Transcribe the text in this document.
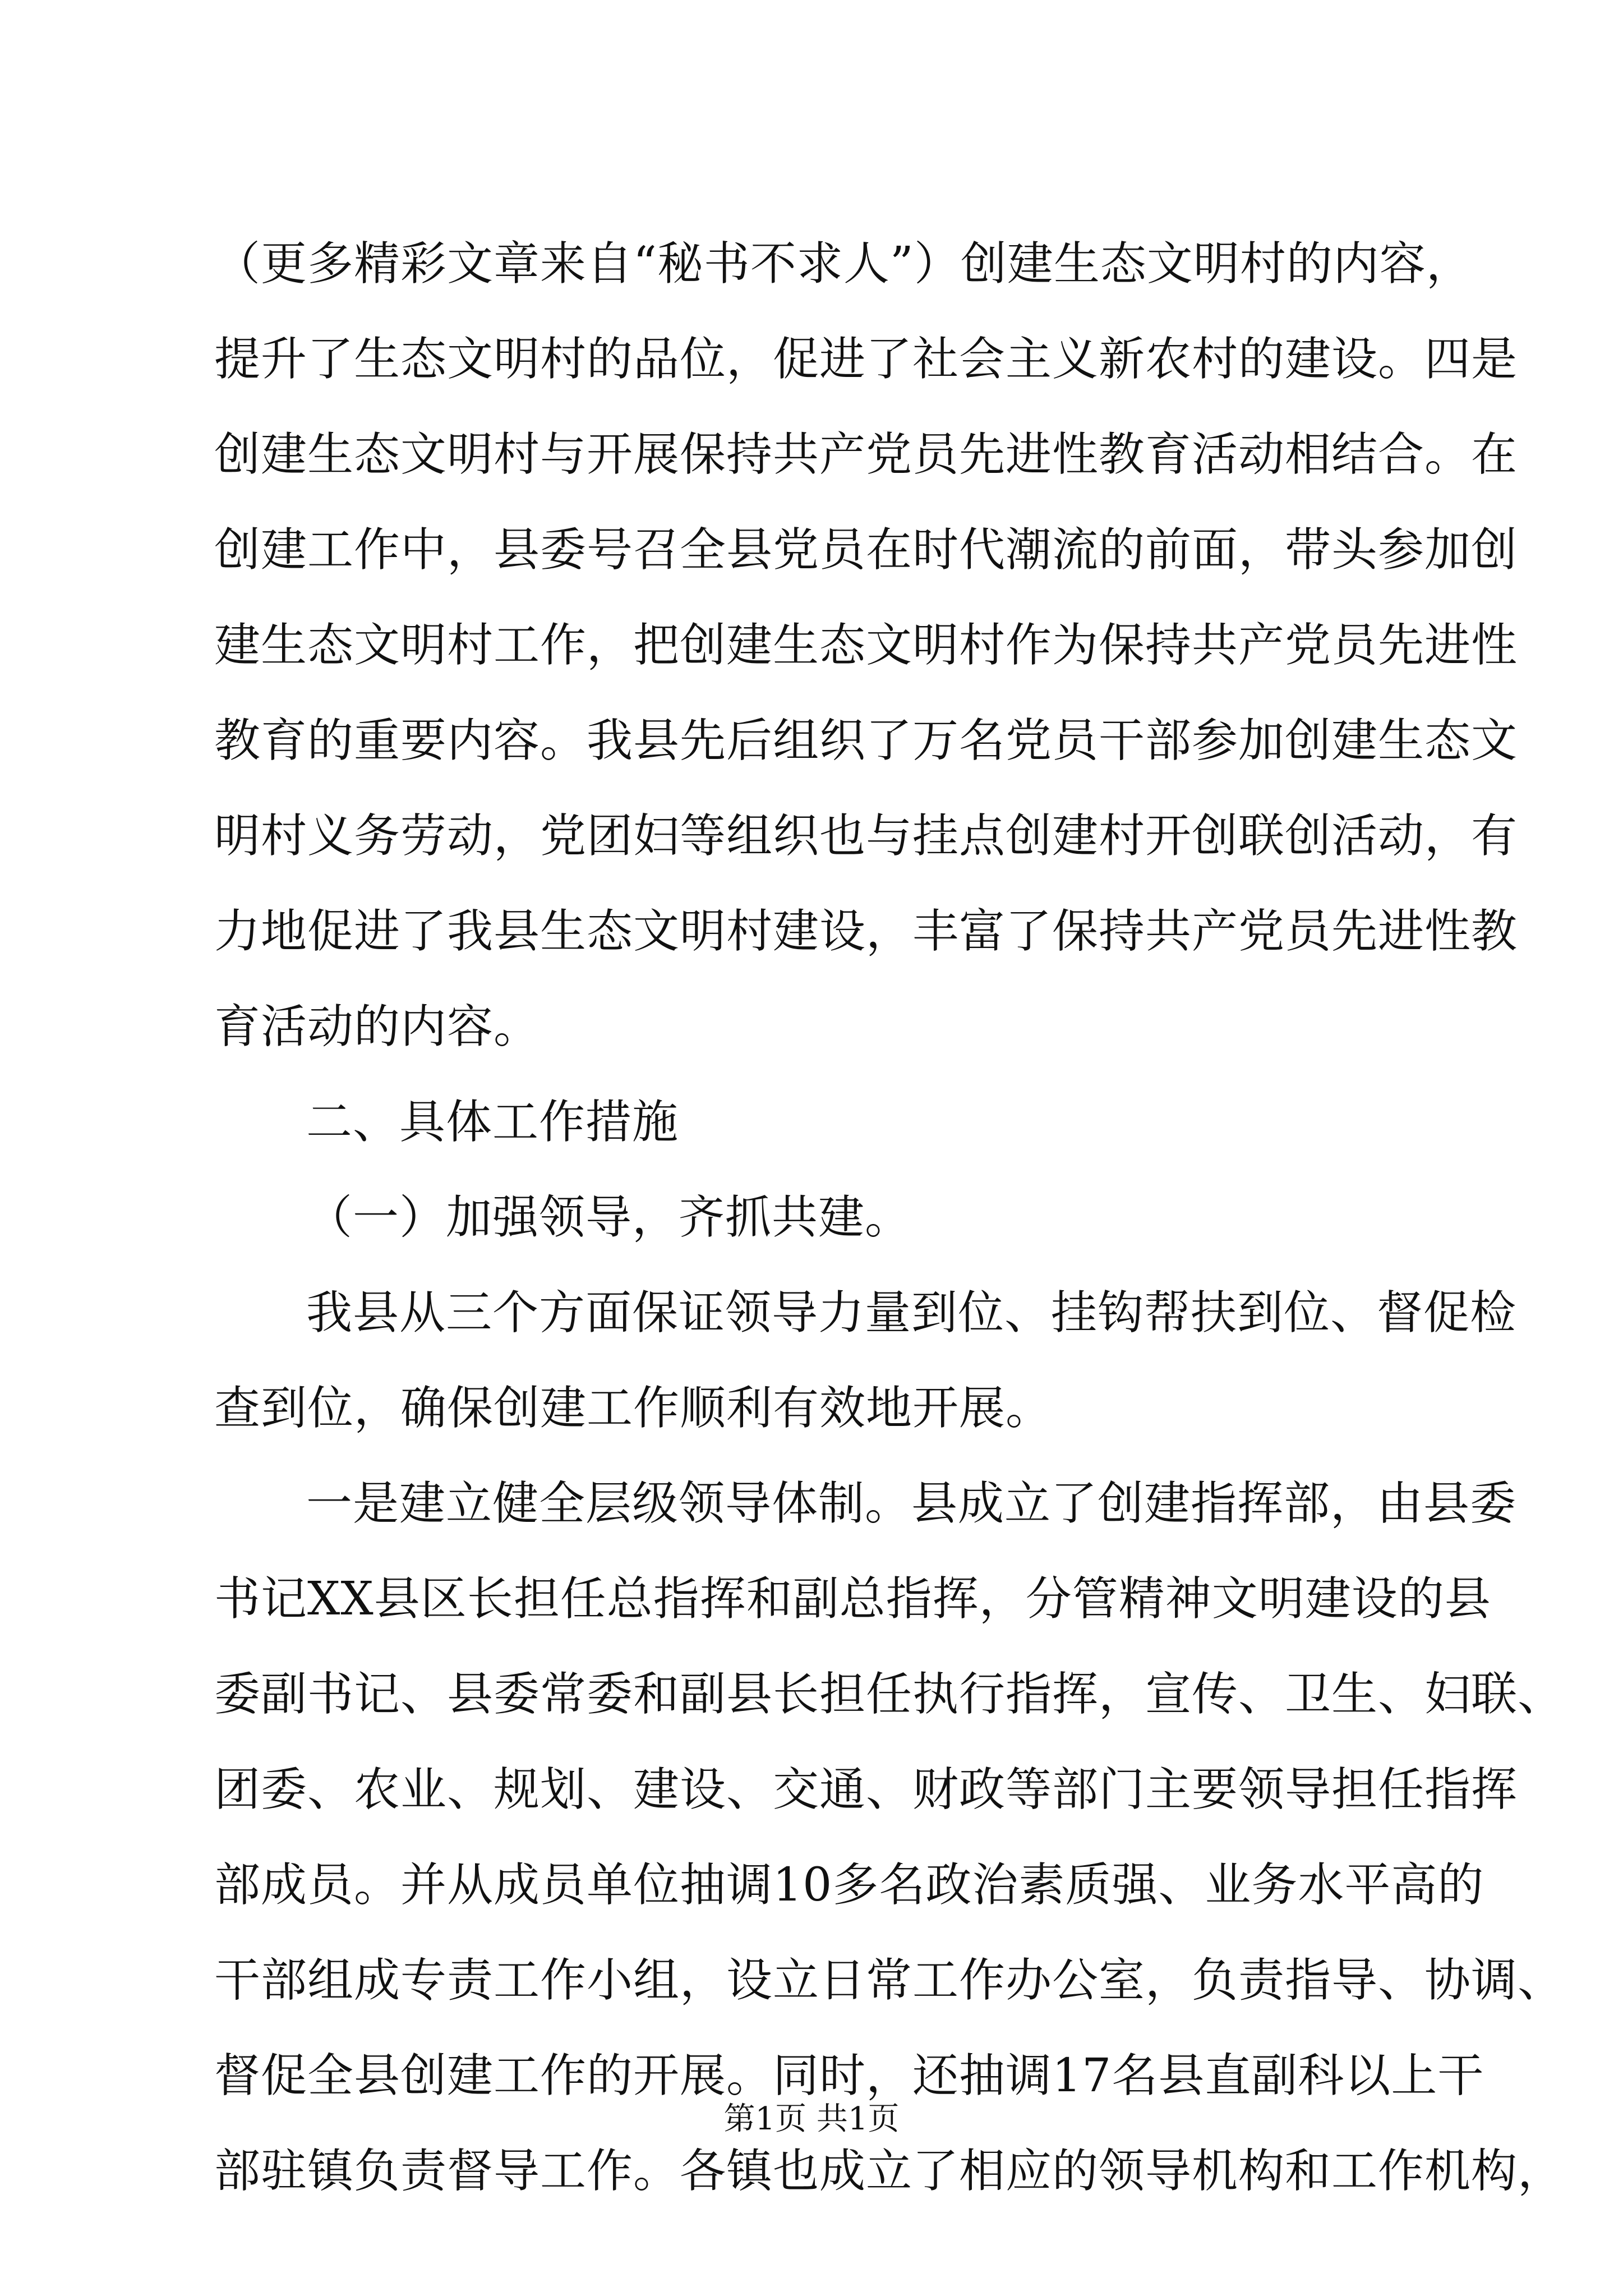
（更多精彩文章来自“秘书不求人”）创建生态文明村的内容，
提升了生态文明村的品位，促进了社会主义新农村的建设。四是
创建生态文明村与开展保持共产党员先进性教育活动相结合。在
创建工作中，县委号召全县党员在时代潮流的前面，带头参加创
建生态文明村工作，把创建生态文明村作为保持共产党员先进性
教育的重要内容。我县先后组织了万名党员干部参加创建生态文
明村义务劳动，党团妇等组织也与挂点创建村开创联创活动，有
力地促进了我县生态文明村建设，丰富了保持共产党员先进性教
育活动的内容。
二、具体工作措施
（一）加强领导，齐抓共建。
我县从三个方面保证领导力量到位、挂钩帮扶到位、督促检
查到位，确保创建工作顺利有效地开展。
一是建立健全层级领导体制。县成立了创建指挥部，由县委
书记XX县区长担任总指挥和副总指挥，分管精神文明建设的县
委副书记、县委常委和副县长担任执行指挥，宣传、卫生、妇联、
团委、农业、规划、建设、交通、财政等部门主要领导担任指挥
部成员。并从成员单位抽调10多名政治素质强、业务水平高的
干部组成专责工作小组，设立日常工作办公室，负责指导、协调、
督促全县创建工作的开展。同时，还抽调17名县直副科以上干
部驻镇负责督导工作。各镇也成立了相应的领导机构和工作机构，
第1页 共1页
